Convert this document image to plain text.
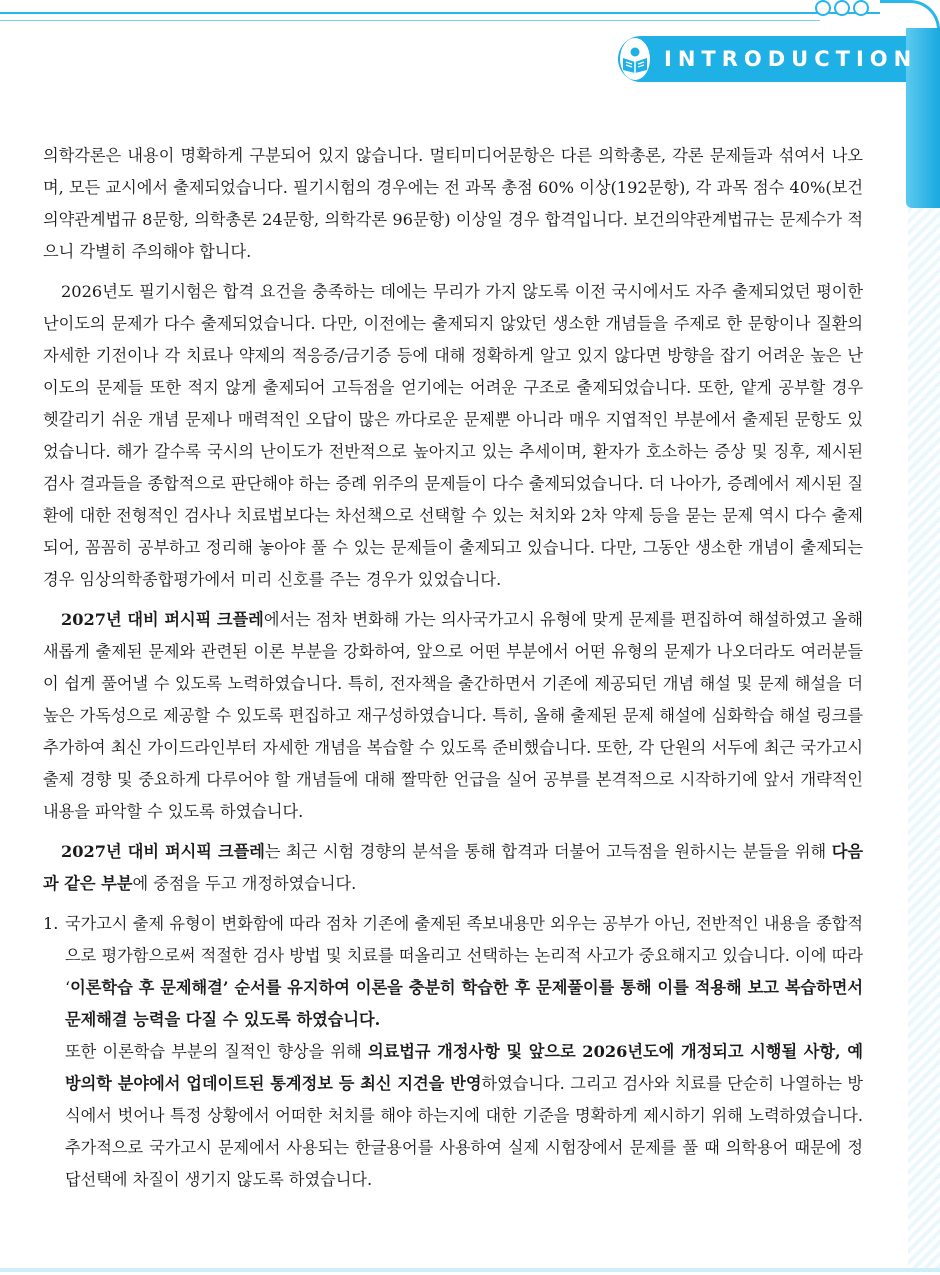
INTRODUCTION

의학각론은 내용이 명확하게 구분되어 있지 않습니다. 멀티미디어문항은 다른 의학총론, 각론 문제들과 섞여서 나오며, 모든 교시에서 출제되었습니다. 필기시험의 경우에는 전 과목 총점 60% 이상(192문항), 각 과목 점수 40%(보건의약관계법규 8문항, 의학총론 24문항, 의학각론 96문항) 이상일 경우 합격입니다. 보건의약관계법규는 문제수가 적으니 각별히 주의해야 합니다.

2026년도 필기시험은 합격 요건을 충족하는 데에는 무리가 가지 않도록 이전 국시에서도 자주 출제되었던 평이한 난이도의 문제가 다수 출제되었습니다. 다만, 이전에는 출제되지 않았던 생소한 개념들을 주제로 한 문항이나 질환의 자세한 기전이나 각 치료나 약제의 적응증/금기증 등에 대해 정확하게 알고 있지 않다면 방향을 잡기 어려운 높은 난이도의 문제들 또한 적지 않게 출제되어 고득점을 얻기에는 어려운 구조로 출제되었습니다. 또한, 얕게 공부할 경우 헷갈리기 쉬운 개념 문제나 매력적인 오답이 많은 까다로운 문제뿐 아니라 매우 지엽적인 부분에서 출제된 문항도 있었습니다. 해가 갈수록 국시의 난이도가 전반적으로 높아지고 있는 추세이며, 환자가 호소하는 증상 및 징후, 제시된 검사 결과들을 종합적으로 판단해야 하는 증례 위주의 문제들이 다수 출제되었습니다. 더 나아가, 증례에서 제시된 질환에 대한 전형적인 검사나 치료법보다는 차선책으로 선택할 수 있는 처치와 2차 약제 등을 묻는 문제 역시 다수 출제되어, 꼼꼼히 공부하고 정리해 놓아야 풀 수 있는 문제들이 출제되고 있습니다. 다만, 그동안 생소한 개념이 출제되는 경우 임상의학종합평가에서 미리 신호를 주는 경우가 있었습니다.

2027년 대비 퍼시픽 크플레에서는 점차 변화해 가는 의사국가고시 유형에 맞게 문제를 편집하여 해설하였고 올해 새롭게 출제된 문제와 관련된 이론 부분을 강화하여, 앞으로 어떤 부분에서 어떤 유형의 문제가 나오더라도 여러분들이 쉽게 풀어낼 수 있도록 노력하였습니다. 특히, 전자책을 출간하면서 기존에 제공되던 개념 해설 및 문제 해설을 더 높은 가독성으로 제공할 수 있도록 편집하고 재구성하였습니다. 특히, 올해 출제된 문제 해설에 심화학습 해설 링크를 추가하여 최신 가이드라인부터 자세한 개념을 복습할 수 있도록 준비했습니다. 또한, 각 단원의 서두에 최근 국가고시 출제 경향 및 중요하게 다루어야 할 개념들에 대해 짤막한 언급을 실어 공부를 본격적으로 시작하기에 앞서 개략적인 내용을 파악할 수 있도록 하였습니다.

2027년 대비 퍼시픽 크플레는 최근 시험 경향의 분석을 통해 합격과 더불어 고득점을 원하시는 분들을 위해 다음과 같은 부분에 중점을 두고 개정하였습니다.

1. 국가고시 출제 유형이 변화함에 따라 점차 기존에 출제된 족보내용만 외우는 공부가 아닌, 전반적인 내용을 종합적으로 평가함으로써 적절한 검사 방법 및 치료를 떠올리고 선택하는 논리적 사고가 중요해지고 있습니다. 이에 따라 ‘이론학습 후 문제해결’ 순서를 유지하여 이론을 충분히 학습한 후 문제풀이를 통해 이를 적용해 보고 복습하면서 문제해결 능력을 다질 수 있도록 하였습니다.

또한 이론학습 부분의 질적인 향상을 위해 의료법규 개정사항 및 앞으로 2026년도에 개정되고 시행될 사항, 예방의학 분야에서 업데이트된 통계정보 등 최신 지견을 반영하였습니다. 그리고 검사와 치료를 단순히 나열하는 방식에서 벗어나 특정 상황에서 어떠한 처치를 해야 하는지에 대한 기준을 명확하게 제시하기 위해 노력하였습니다. 추가적으로 국가고시 문제에서 사용되는 한글용어를 사용하여 실제 시험장에서 문제를 풀 때 의학용어 때문에 정답선택에 차질이 생기지 않도록 하였습니다.
